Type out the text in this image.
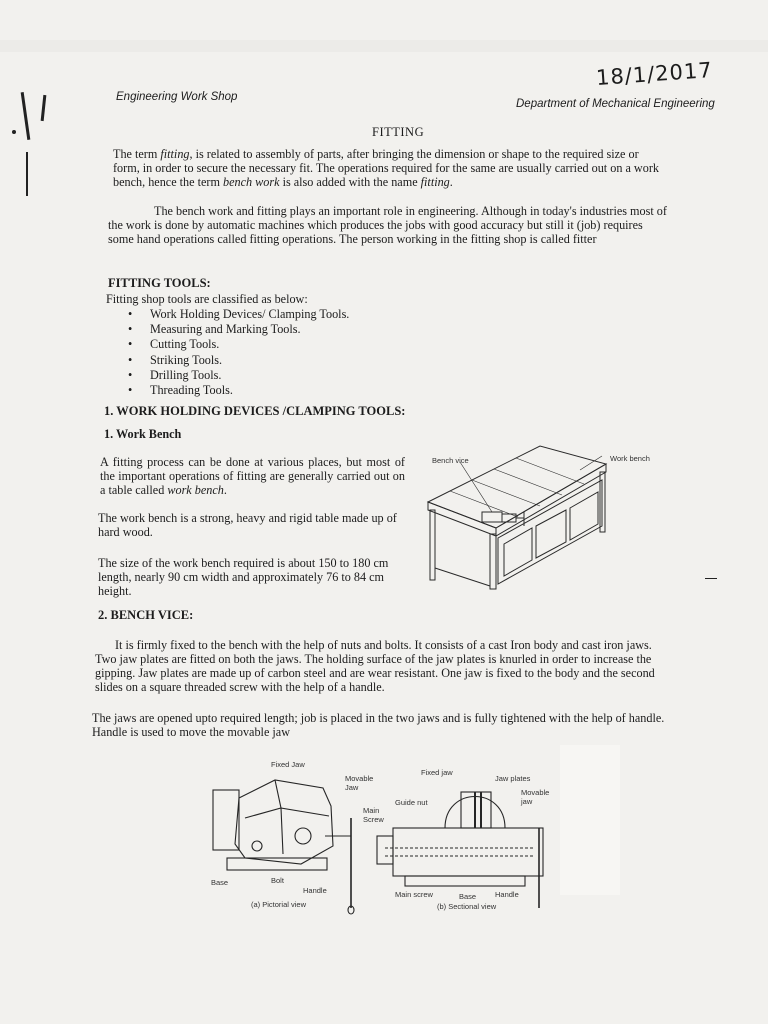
Engineering Work Shop
Department of Mechanical Engineering
18/1/2017
FITTING

The term fitting, is related to assembly of parts, after bringing the dimension or shape to the required size or form, in order to secure the necessary fit. The operations required for the same are usually carried out on a work bench, hence the term bench work is also added with the name fitting.

The bench work and fitting plays an important role in engineering. Although in today's industries most of the work is done by automatic machines which produces the jobs with good accuracy but still it (job) requires some hand operations called fitting operations. The person working in the fitting shop is called fitter

FITTING TOOLS:
Fitting shop tools are classified as below:
• Work Holding Devices/ Clamping Tools.
• Measuring and Marking Tools.
• Cutting Tools.
• Striking Tools.
• Drilling Tools.
• Threading Tools.
1. WORK HOLDING DEVICES /CLAMPING TOOLS:
1. Work Bench

A fitting process can be done at various places, but most of the important operations of fitting are generally carried out on a table called work bench.

The work bench is a strong, heavy and rigid table made up of hard wood.

The size of the work bench required is about 150 to 180 cm length, nearly 90 cm width and approximately 76 to 84 cm height.

Bench vice	Work bench
2. BENCH VICE:

It is firmly fixed to the bench with the help of nuts and bolts. It consists of a cast Iron body and cast iron jaws. Two jaw plates are fitted on both the jaws. The holding surface of the jaw plates is knurled in order to increase the gipping. Jaw plates are made up of carbon steel and are wear resistant. One jaw is fixed to the body and the second slides on a square threaded screw with the help of a handle.

The jaws are opened upto required length; job is placed in the two jaws and is fully tightened with the help of handle. Handle is used to move the movable jaw

Fixed Jaw
Movable Jaw
Main Screw
Base	Bolt
Handle
(a) Pictorial view
Fixed jaw
Jaw plates
Movable jaw
Guide nut
Main screw	Base	Handle
(b) Sectional view
